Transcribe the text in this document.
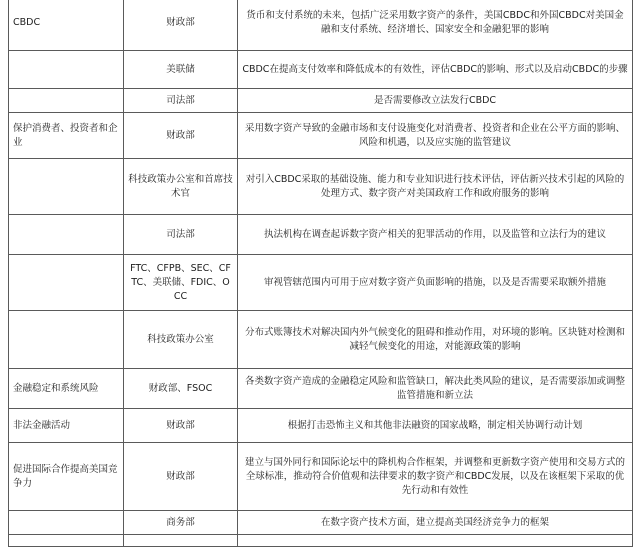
CBDC	财政部	货币和支付系统的未来，包括广泛采用数字资产的条件，美国CBDC和外国CBDC对美国金融和支付系统、经济增长、国家安全和金融犯罪的影响
	美联储	CBDC在提高支付效率和降低成本的有效性，评估CBDC的影响、形式以及启动CBDC的步骤
	司法部	是否需要修改立法发行CBDC
保护消费者、投资者和企业	财政部	采用数字资产导致的金融市场和支付设施变化对消费者、投资者和企业在公平方面的影响、风险和机遇，以及应实施的监管建议
	科技政策办公室和首席技术官	对引入CBDC采取的基础设施、能力和专业知识进行技术评估，评估新兴技术引起的风险的处理方式、数字资产对美国政府工作和政府服务的影响
	司法部	执法机构在调查起诉数字资产相关的犯罪活动的作用，以及监管和立法行为的建议
	FTC、CFPB、SEC、CFTC、美联储、FDIC、OCC	审视管辖范围内可用于应对数字资产负面影响的措施，以及是否需要采取额外措施
	科技政策办公室	分布式账簿技术对解决国内外气候变化的阻碍和推动作用，对环境的影响。区块链对检测和减轻气候变化的用途，对能源政策的影响
金融稳定和系统风险	财政部、FSOC	各类数字资产造成的金融稳定风险和监管缺口，解决此类风险的建议，是否需要添加或调整监管措施和新立法
非法金融活动	财政部	根据打击恐怖主义和其他非法融资的国家战略，制定相关协调行动计划
促进国际合作提高美国竞争力	财政部	建立与国外同行和国际论坛中的降机构合作框架，并调整和更新数字资产使用和交易方式的全球标准，推动符合价值观和法律要求的数字资产和CBDC发展，以及在该框架下采取的优先行动和有效性
	商务部	在数字资产技术方面，建立提高美国经济竞争力的框架
